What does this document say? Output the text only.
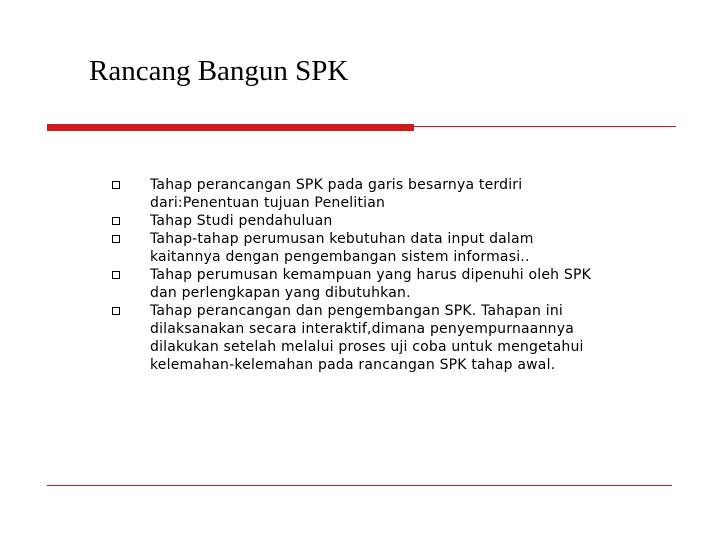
Rancang Bangun SPK
Tahap perancangan SPK pada garis besarnya terdiri
dari:Penentuan tujuan Penelitian
Tahap Studi pendahuluan
Tahap-tahap perumusan kebutuhan data input dalam
kaitannya dengan pengembangan sistem informasi..
Tahap perumusan kemampuan yang harus dipenuhi oleh SPK
dan perlengkapan yang dibutuhkan.
Tahap perancangan dan pengembangan SPK. Tahapan ini
dilaksanakan secara interaktif,dimana penyempurnaannya
dilakukan setelah melalui proses uji coba untuk mengetahui
kelemahan-kelemahan pada rancangan SPK tahap awal.
